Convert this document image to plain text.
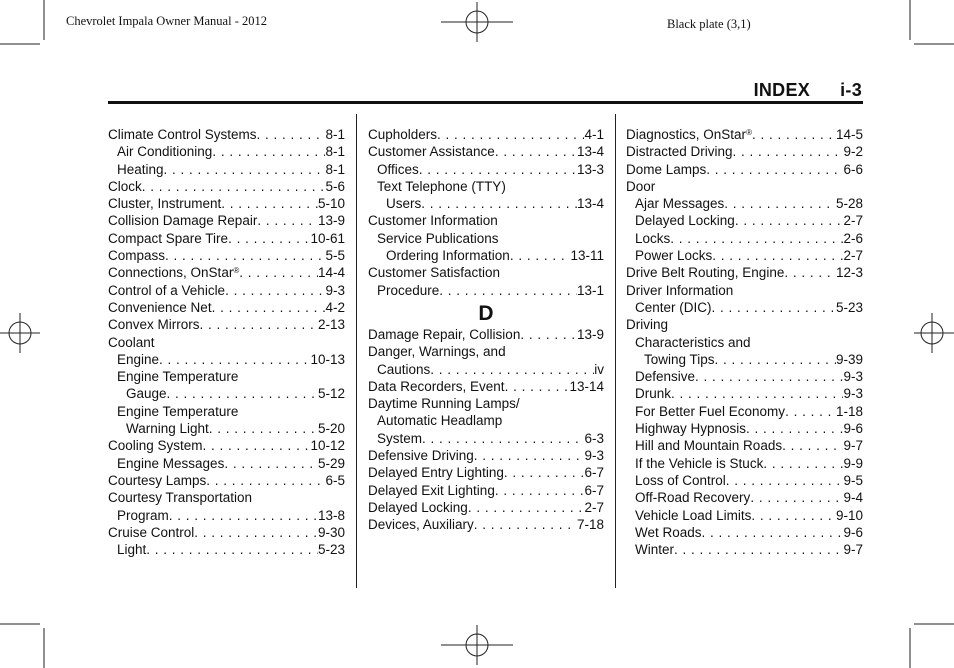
Chevrolet Impala Owner Manual - 2012	Black plate (3,1)
INDEX i-3
Climate Control Systems . . .	8-1
Air Conditioning . . .	8-1
Heating . . .	8-1
Clock . . .	5-6
Cluster, Instrument . . .	5-10
Collision Damage Repair . . .	13-9
Compact Spare Tire . . .	10-61
Compass . . .	5-5
Connections, OnStar® . . .	14-4
Control of a Vehicle . . .	9-3
Convenience Net . . .	4-2
Convex Mirrors . . .	2-13
Coolant
Engine . . .	10-13
Engine Temperature
Gauge . . .	5-12
Engine Temperature
Warning Light . . .	5-20
Cooling System . . .	10-12
Engine Messages . . .	5-29
Courtesy Lamps . . .	6-5
Courtesy Transportation
Program . . .	13-8
Cruise Control . . .	9-30
Light . . .	5-23
Cupholders . . .	4-1
Customer Assistance . . .	13-4
Offices . . .	13-3
Text Telephone (TTY)
Users . . .	13-4
Customer Information
Service Publications
Ordering Information . . .	13-11
Customer Satisfaction
Procedure . . .	13-1
D
Damage Repair, Collision . . .	13-9
Danger, Warnings, and
Cautions . . .	iv
Data Recorders, Event . . .	13-14
Daytime Running Lamps/
Automatic Headlamp
System . . .	6-3
Defensive Driving . . .	9-3
Delayed Entry Lighting . . .	6-7
Delayed Exit Lighting . . .	6-7
Delayed Locking . . .	2-7
Devices, Auxiliary . . .	7-18
Diagnostics, OnStar® . . .	14-5
Distracted Driving . . .	9-2
Dome Lamps . . .	6-6
Door
Ajar Messages . . .	5-28
Delayed Locking . . .	2-7
Locks . . .	2-6
Power Locks . . .	2-7
Drive Belt Routing, Engine . . .	12-3
Driver Information
Center (DIC) . . .	5-23
Driving
Characteristics and
Towing Tips . . .	9-39
Defensive . . .	9-3
Drunk . . .	9-3
For Better Fuel Economy . . .	1-18
Highway Hypnosis . . .	9-6
Hill and Mountain Roads . . .	9-7
If the Vehicle is Stuck . . .	9-9
Loss of Control . . .	9-5
Off-Road Recovery . . .	9-4
Vehicle Load Limits . . .	9-10
Wet Roads . . .	9-6
Winter . . .	9-7
